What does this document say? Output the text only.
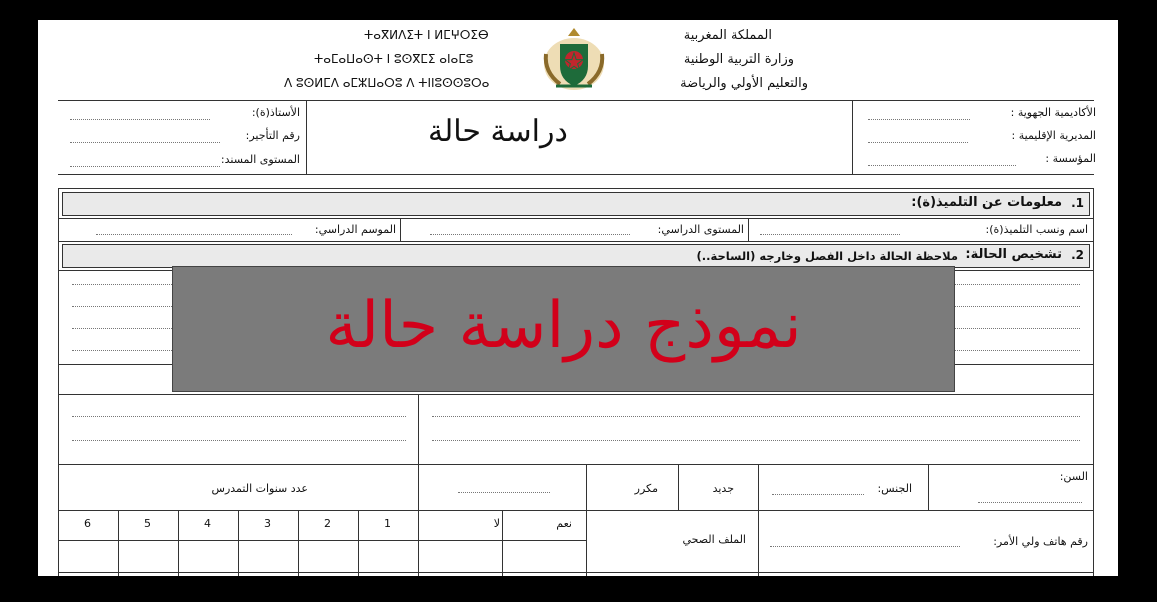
المملكة المغربية
وزارة التربية الوطنية
والتعليم الأولي والرياضة
ⵜⴰⴳⵍⴷⵉⵜ ⵏ ⵍⵎⵖⵔⵉⴱ
ⵜⴰⵎⴰⵡⴰⵙⵜ ⵏ ⵓⵙⴳⵎⵉ ⴰⵏⴰⵎⵓ
ⴷ ⵓⵙⵍⵎⴷ ⴰⵎⵣⵡⴰⵔⵓ ⴷ ⵜⵏⵏⵓⵙⵙⵓⵔⴰ
الأكاديمية الجهوية :
المديرية الإقليمية :
المؤسسة :
دراسة حالة
الأستاذ(ة):
رقم التأجير:
المستوى المسند:
1.
معلومات عن التلميذ(ة):
اسم ونسب التلميذ(ة):
المستوى الدراسي:
الموسم الدراسي:
2.
تشخيص الحالة:
ملاحظة الحالة داخل الفصل وخارجه (الساحة..)
السن:
الجنس:
جديد
مكرر
عدد سنوات التمدرس
رقم هاتف ولي الأمر:
الملف الصحي
نعم
لا
1
2
3
4
5
6
نموذج دراسة حالة
